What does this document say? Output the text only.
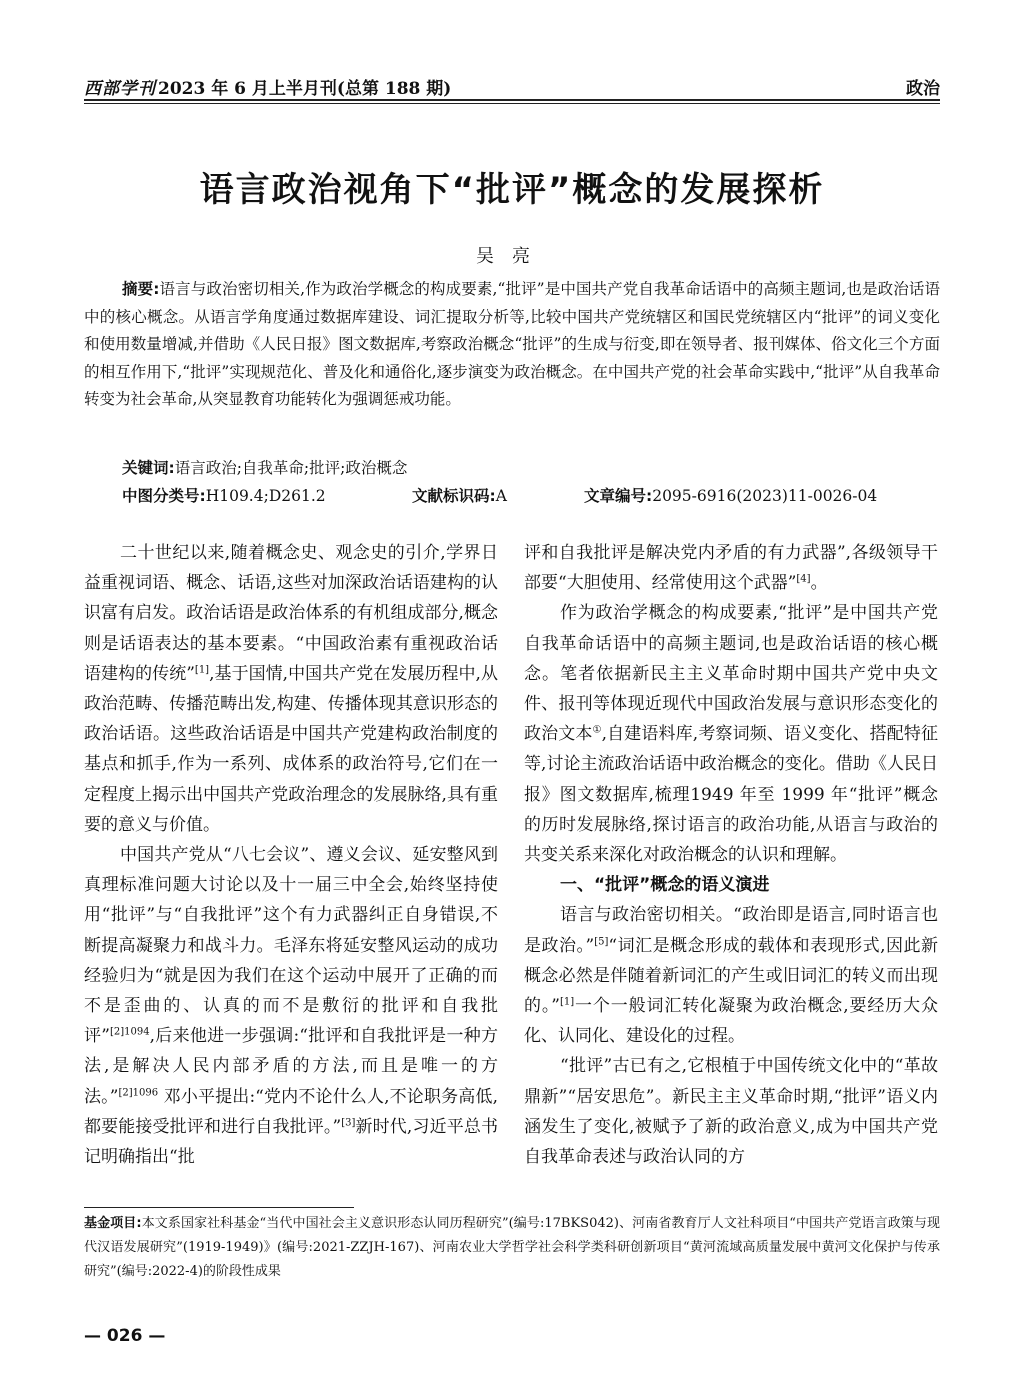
西部学刊 2023 年 6 月上半月刊(总第 188 期)	政治
语言政治视角下“批评”概念的发展探析
吴亮
摘要:语言与政治密切相关,作为政治学概念的构成要素,“批评”是中国共产党自我革命话语中的高频主题词,也是政治话语中的核心概念。从语言学角度通过数据库建设、词汇提取分析等,比较中国共产党统辖区和国民党统辖区内“批评”的词义变化和使用数量增减,并借助《人民日报》图文数据库,考察政治概念“批评”的生成与衍变,即在领导者、报刊媒体、俗文化三个方面的相互作用下,“批评”实现规范化、普及化和通俗化,逐步演变为政治概念。在中国共产党的社会革命实践中,“批评”从自我革命转变为社会革命,从突显教育功能转化为强调惩戒功能。
关键词:语言政治;自我革命;批评;政治概念
中图分类号:H109.4;D261.2	文献标识码:A	文章编号:2095-6916(2023)11-0026-04

二十世纪以来,随着概念史、观念史的引介,学界日益重视词语、概念、话语,这些对加深政治话语建构的认识富有启发。政治话语是政治体系的有机组成部分,概念则是话语表达的基本要素。“中国政治素有重视政治话语建构的传统”[1],基于国情,中国共产党在发展历程中,从政治范畴、传播范畴出发,构建、传播体现其意识形态的政治话语。这些政治话语是中国共产党建构政治制度的基点和抓手,作为一系列、成体系的政治符号,它们在一定程度上揭示出中国共产党政治理念的发展脉络,具有重要的意义与价值。

中国共产党从“八七会议”、遵义会议、延安整风到真理标准问题大讨论以及十一届三中全会,始终坚持使用“批评”与“自我批评”这个有力武器纠正自身错误,不断提高凝聚力和战斗力。毛泽东将延安整风运动的成功经验归为“就是因为我们在这个运动中展开了正确的而不是歪曲的、认真的而不是敷衍的批评和自我批评”$^{[2]1094}$,后来他进一步强调:“批评和自我批评是一种方法,是解决人民内部矛盾的方法,而且是唯一的方法。”$^{[2]1096}$ 邓小平提出:“党内不论什么人,不论职务高低,都要能接受批评和进行自我批评。”[3]新时代,习近平总书记明确指出“批

评和自我批评是解决党内矛盾的有力武器”,各级领导干部要“大胆使用、经常使用这个武器”[4]。

作为政治学概念的构成要素,“批评”是中国共产党自我革命话语中的高频主题词,也是政治话语的核心概念。笔者依据新民主主义革命时期中国共产党中央文件、报刊等体现近现代中国政治发展与意识形态变化的政治文本①,自建语料库,考察词频、语义变化、搭配特征等,讨论主流政治话语中政治概念的变化。借助《人民日报》图文数据库,梳理1949 年至 1999 年“批评”概念的历时发展脉络,探讨语言的政治功能,从语言与政治的共变关系来深化对政治概念的认识和理解。

一、“批评”概念的语义演进

语言与政治密切相关。“政治即是语言,同时语言也是政治。”[5]“词汇是概念形成的载体和表现形式,因此新概念必然是伴随着新词汇的产生或旧词汇的转义而出现的。”[1]一个一般词汇转化凝聚为政治概念,要经历大众化、认同化、建设化的过程。

“批评”古已有之,它根植于中国传统文化中的“革故鼎新”“居安思危”。新民主主义革命时期,“批评”语义内涵发生了变化,被赋予了新的政治意义,成为中国共产党自我革命表述与政治认同的方

基金项目:本文系国家社科基金“当代中国社会主义意识形态认同历程研究”(编号:17BKS042)、河南省教育厅人文社科项目“中国共产党语言政策与现代汉语发展研究”(1919-1949)》(编号:2021-ZZJH-167)、河南农业大学哲学社会科学类科研创新项目“黄河流域高质量发展中黄河文化保护与传承研究”(编号:2022-4)的阶段性成果
— 026 —
